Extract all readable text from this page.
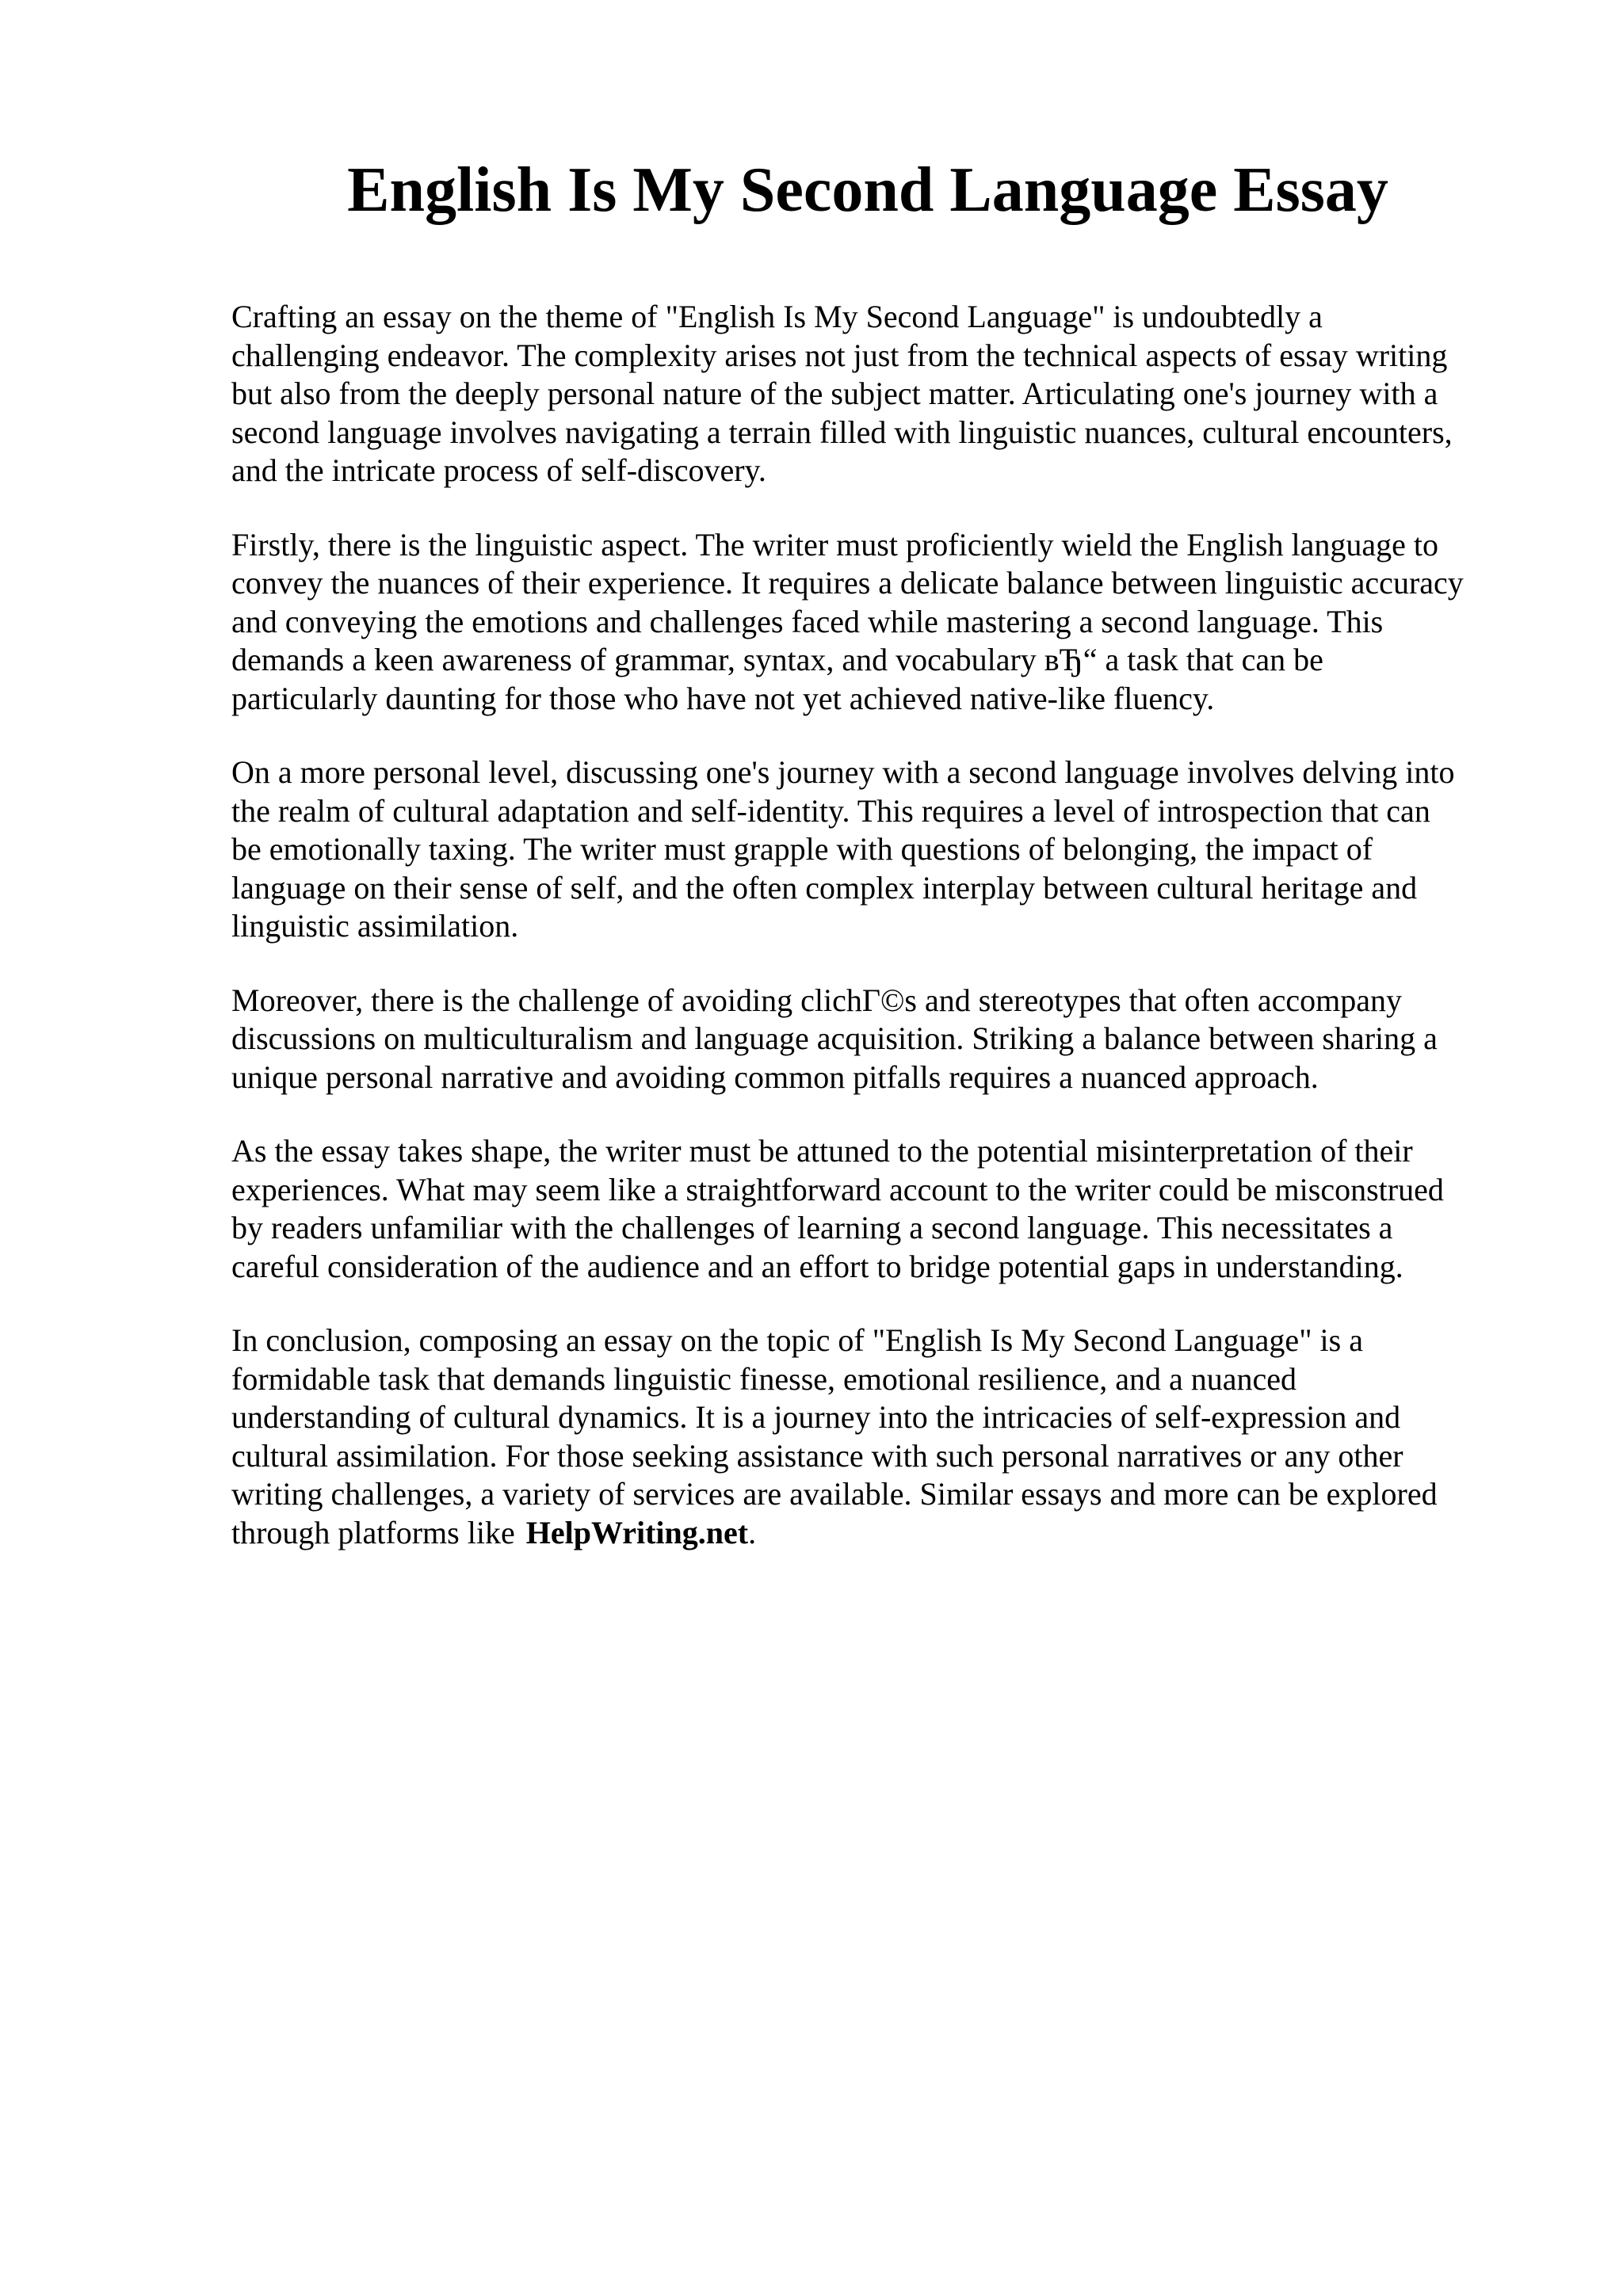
English Is My Second Language Essay
Crafting an essay on the theme of "English Is My Second Language" is undoubtedly a
challenging endeavor. The complexity arises not just from the technical aspects of essay writing
but also from the deeply personal nature of the subject matter. Articulating one's journey with a
second language involves navigating a terrain filled with linguistic nuances, cultural encounters,
and the intricate process of self-discovery.
Firstly, there is the linguistic aspect. The writer must proficiently wield the English language to
convey the nuances of their experience. It requires a delicate balance between linguistic accuracy
and conveying the emotions and challenges faced while mastering a second language. This
demands a keen awareness of grammar, syntax, and vocabulary вЂ“ a task that can be
particularly daunting for those who have not yet achieved native-like fluency.
On a more personal level, discussing one's journey with a second language involves delving into
the realm of cultural adaptation and self-identity. This requires a level of introspection that can
be emotionally taxing. The writer must grapple with questions of belonging, the impact of
language on their sense of self, and the often complex interplay between cultural heritage and
linguistic assimilation.
Moreover, there is the challenge of avoiding clichГ©s and stereotypes that often accompany
discussions on multiculturalism and language acquisition. Striking a balance between sharing a
unique personal narrative and avoiding common pitfalls requires a nuanced approach.
As the essay takes shape, the writer must be attuned to the potential misinterpretation of their
experiences. What may seem like a straightforward account to the writer could be misconstrued
by readers unfamiliar with the challenges of learning a second language. This necessitates a
careful consideration of the audience and an effort to bridge potential gaps in understanding.
In conclusion, composing an essay on the topic of "English Is My Second Language" is a
formidable task that demands linguistic finesse, emotional resilience, and a nuanced
understanding of cultural dynamics. It is a journey into the intricacies of self-expression and
cultural assimilation. For those seeking assistance with such personal narratives or any other
writing challenges, a variety of services are available. Similar essays and more can be explored
through platforms like HelpWriting.net.
